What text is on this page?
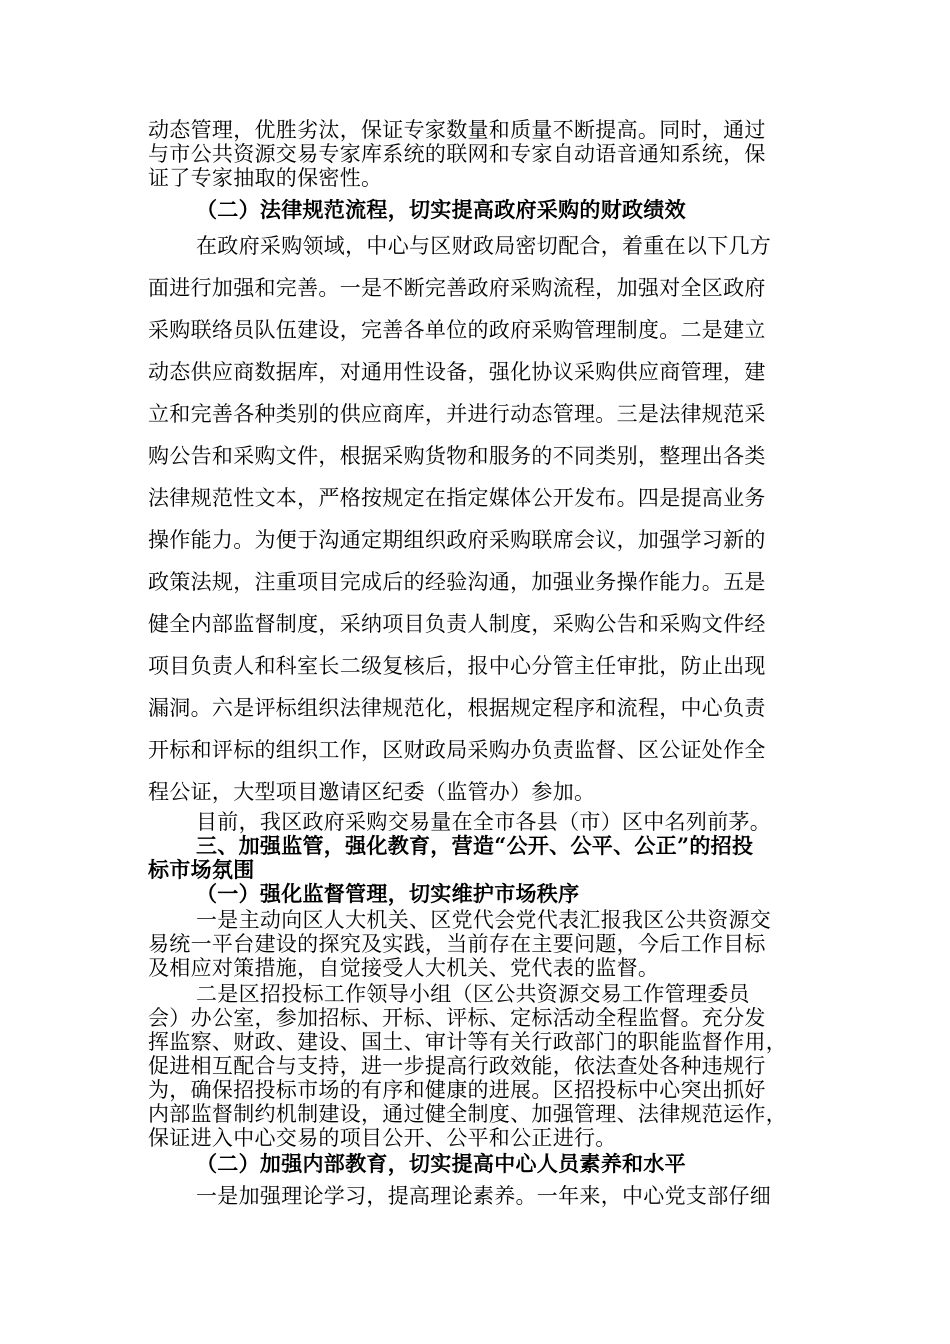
动态管理，优胜劣汰，保证专家数量和质量不断提高。同时，通过
与市公共资源交易专家库系统的联网和专家自动语音通知系统，保
证了专家抽取的保密性。
（二）法律规范流程，切实提高政府采购的财政绩效
在政府采购领域，中心与区财政局密切配合，着重在以下几方
面进行加强和完善。一是不断完善政府采购流程，加强对全区政府
采购联络员队伍建设，完善各单位的政府采购管理制度。二是建立
动态供应商数据库，对通用性设备，强化协议采购供应商管理，建
立和完善各种类别的供应商库，并进行动态管理。三是法律规范采
购公告和采购文件，根据采购货物和服务的不同类别，整理出各类
法律规范性文本，严格按规定在指定媒体公开发布。四是提高业务
操作能力。为便于沟通定期组织政府采购联席会议，加强学习新的
政策法规，注重项目完成后的经验沟通，加强业务操作能力。五是
健全内部监督制度，采纳项目负责人制度，采购公告和采购文件经
项目负责人和科室长二级复核后，报中心分管主任审批，防止出现
漏洞。六是评标组织法律规范化，根据规定程序和流程，中心负责
开标和评标的组织工作，区财政局采购办负责监督、区公证处作全
程公证，大型项目邀请区纪委（监管办）参加。
目前，我区政府采购交易量在全市各县（市）区中名列前茅。
三、加强监管，强化教育，营造“公开、公平、公正”的招投
标市场氛围
（一）强化监督管理，切实维护市场秩序
一是主动向区人大机关、区党代会党代表汇报我区公共资源交
易统一平台建设的探究及实践，当前存在主要问题，今后工作目标
及相应对策措施，自觉接受人大机关、党代表的监督。
二是区招投标工作领导小组（区公共资源交易工作管理委员
会）办公室，参加招标、开标、评标、定标活动全程监督。充分发
挥监察、财政、建设、国土、审计等有关行政部门的职能监督作用，
促进相互配合与支持，进一步提高行政效能，依法查处各种违规行
为，确保招投标市场的有序和健康的进展。区招投标中心突出抓好
内部监督制约机制建设，通过健全制度、加强管理、法律规范运作，
保证进入中心交易的项目公开、公平和公正进行。
（二）加强内部教育，切实提高中心人员素养和水平
一是加强理论学习，提高理论素养。一年来，中心党支部仔细
